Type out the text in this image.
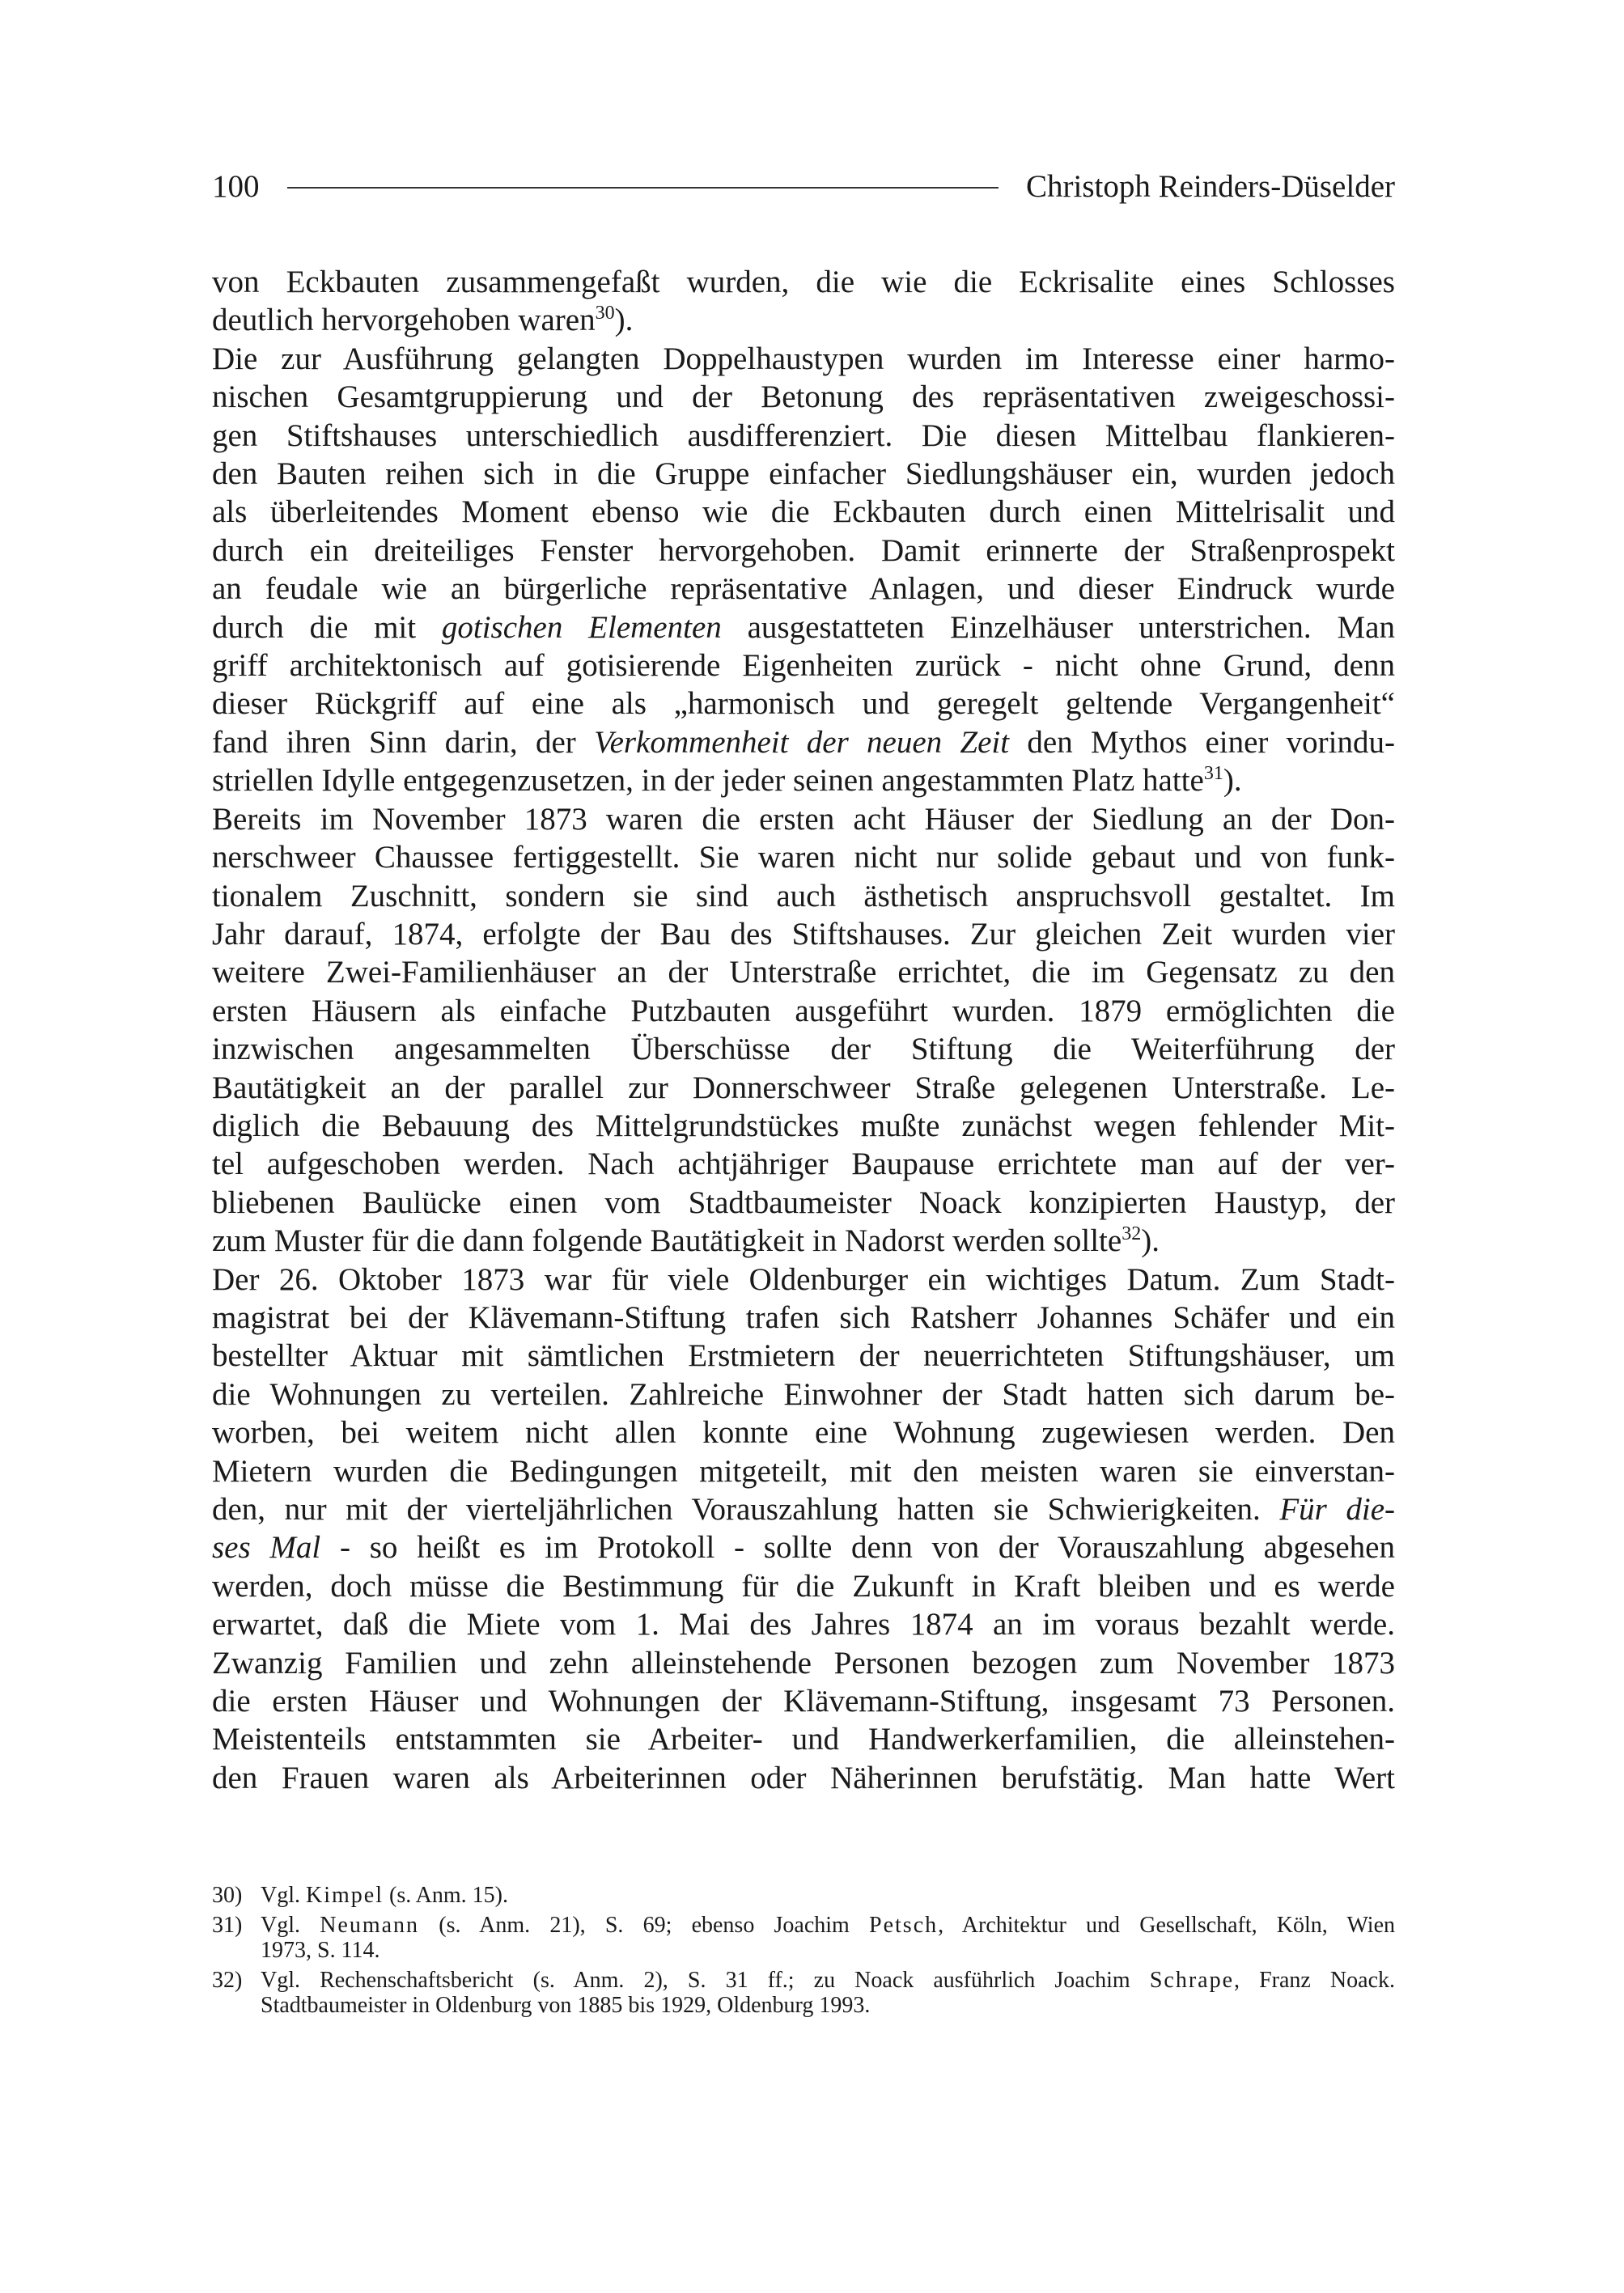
100	Christoph Reinders-Düselder
von Eckbauten zusammengefaßt wurden, die wie die Eckrisalite eines Schlosses
deutlich hervorgehoben waren$^{30}$).
Die zur Ausführung gelangten Doppelhaustypen wurden im Interesse einer harmo-
nischen Gesamtgruppierung und der Betonung des repräsentativen zweigeschossi-
gen Stiftshauses unterschiedlich ausdifferenziert. Die diesen Mittelbau flankieren-
den Bauten reihen sich in die Gruppe einfacher Siedlungshäuser ein, wurden jedoch
als überleitendes Moment ebenso wie die Eckbauten durch einen Mittelrisalit und
durch ein dreiteiliges Fenster hervorgehoben. Damit erinnerte der Straßenprospekt
an feudale wie an bürgerliche repräsentative Anlagen, und dieser Eindruck wurde
durch die mit gotischen Elementen ausgestatteten Einzelhäuser unterstrichen. Man
griff architektonisch auf gotisierende Eigenheiten zurück - nicht ohne Grund, denn
dieser Rückgriff auf eine als „harmonisch und geregelt geltende Vergangenheit“
fand ihren Sinn darin, der Verkommenheit der neuen Zeit den Mythos einer vorindu-
striellen Idylle entgegenzusetzen, in der jeder seinen angestammten Platz hatte$^{31}$).
Bereits im November 1873 waren die ersten acht Häuser der Siedlung an der Don-
nerschweer Chaussee fertiggestellt. Sie waren nicht nur solide gebaut und von funk-
tionalem Zuschnitt, sondern sie sind auch ästhetisch anspruchsvoll gestaltet. Im
Jahr darauf, 1874, erfolgte der Bau des Stiftshauses. Zur gleichen Zeit wurden vier
weitere Zwei-Familienhäuser an der Unterstraße errichtet, die im Gegensatz zu den
ersten Häusern als einfache Putzbauten ausgeführt wurden. 1879 ermöglichten die
inzwischen angesammelten Überschüsse der Stiftung die Weiterführung der
Bautätigkeit an der parallel zur Donnerschweer Straße gelegenen Unterstraße. Le-
diglich die Bebauung des Mittelgrundstückes mußte zunächst wegen fehlender Mit-
tel aufgeschoben werden. Nach achtjähriger Baupause errichtete man auf der ver-
bliebenen Baulücke einen vom Stadtbaumeister Noack konzipierten Haustyp, der
zum Muster für die dann folgende Bautätigkeit in Nadorst werden sollte$^{32}$).
Der 26. Oktober 1873 war für viele Oldenburger ein wichtiges Datum. Zum Stadt-
magistrat bei der Klävemann-Stiftung trafen sich Ratsherr Johannes Schäfer und ein
bestellter Aktuar mit sämtlichen Erstmietern der neuerrichteten Stiftungshäuser, um
die Wohnungen zu verteilen. Zahlreiche Einwohner der Stadt hatten sich darum be-
worben, bei weitem nicht allen konnte eine Wohnung zugewiesen werden. Den
Mietern wurden die Bedingungen mitgeteilt, mit den meisten waren sie einverstan-
den, nur mit der vierteljährlichen Vorauszahlung hatten sie Schwierigkeiten. Für die-
ses Mal - so heißt es im Protokoll - sollte denn von der Vorauszahlung abgesehen
werden, doch müsse die Bestimmung für die Zukunft in Kraft bleiben und es werde
erwartet, daß die Miete vom 1. Mai des Jahres 1874 an im voraus bezahlt werde.
Zwanzig Familien und zehn alleinstehende Personen bezogen zum November 1873
die ersten Häuser und Wohnungen der Klävemann-Stiftung, insgesamt 73 Personen.
Meistenteils entstammten sie Arbeiter- und Handwerkerfamilien, die alleinstehen-
den Frauen waren als Arbeiterinnen oder Näherinnen berufstätig. Man hatte Wert
30) Vgl. Kimpel (s. Anm. 15).
31) Vgl. Neumann (s. Anm. 21), S. 69; ebenso Joachim Petsch, Architektur und Gesellschaft, Köln, Wien
1973, S. 114.
32) Vgl. Rechenschaftsbericht (s. Anm. 2), S. 31 ff.; zu Noack ausführlich Joachim Schrape, Franz Noack.
Stadtbaumeister in Oldenburg von 1885 bis 1929, Oldenburg 1993.
